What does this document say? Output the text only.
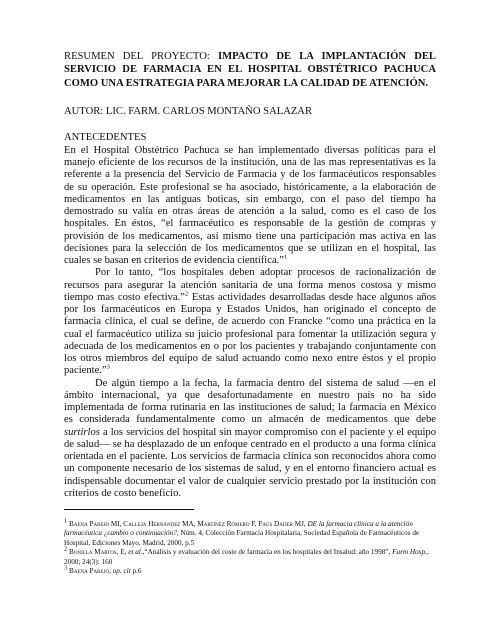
RESUMEN DEL PROYECTO: IMPACTO DE LA IMPLANTACIÓN DEL SERVICIO DE FARMACIA EN EL HOSPITAL OBSTÉTRICO PACHUCA COMO UNA ESTRATEGIA PARA MEJORAR LA CALIDAD DE ATENCIÓN.

AUTOR: LIC. FARM. CARLOS MONTAÑO SALAZAR

ANTECEDENTES

En el Hospital Obstétrico Pachuca se han implementado diversas políticas para el manejo eficiente de los recursos de la institución, una de las mas representativas es la referente a la presencia del Servicio de Farmacia y de los farmacéuticos responsables de su operación. Este profesional se ha asociado, históricamente, a la elaboración de medicamentos en las antiguas boticas, sin embargo, con el paso del tiempo ha demostrado su valía en otras áreas de atención a la salud, como es el caso de los hospitales. En éstos, “el farmacéutico es responsable de la gestión de compras y provisión de los medicamentos, así mismo tiene una participación mas activa en las decisiones para la selección de los medicamentos que se utilizan en el hospital, las cuales se basan en criterios de evidencia científica.”$^1$

Por lo tanto, “los hospitales deben adoptar procesos de racionalización de recursos para asegurar la atención sanitaria de una forma menos costosa y mismo tiempo mas costo efectiva.”$^2$ Estas actividades desarrolladas desde hace algunos años por los farmacéuticos en Europa y Estados Unidos, han originado el concepto de farmacia clínica, el cual se define, de acuerdo con Francke “como una práctica en la cual el farmacéutico utiliza su juicio profesional para fomentar la utilización segura y adecuada de los medicamentos en o por los pacientes y trabajando conjuntamente con los otros miembros del equipo de salud actuando como nexo entre éstos y el propio paciente.”$^3$

De algún tiempo a la fecha, la farmacia dentro del sistema de salud —en el ámbito internacional, ya que desafortunadamente en nuestro país no ha sido implementada de forma rutinaria en las instituciones de salud; la farmacia en México es considerada fundamentalmente como un almacén de medicamentos que debe surtirlos a los servicios del hospital sin mayor compromiso con el paciente y el equipo de salud— se ha desplazado de un enfoque centrado en el producto a una forma clínica orientada en el paciente. Los servicios de farmacia clínica son reconocidos ahora como un componente necesario de los sistemas de salud, y en el entorno financiero actual es indispensable documentar el valor de cualquier servicio prestado por la institución con criterios de costo beneficio.

$^1$ Baena Parejo MI, Calleja Hernández MA, Martínez Romero F, Faus Dader MJ, DE la farmacia clínica a la atención farmacéutica ¿cambio o continuación?, Núm. 4, Colección Farmacia Hospitalaria, Sociedad Española de Farmacéuticos de Hospital, Ediciones Mayo, Madrid, 2000, p.5

$^2$ Bonilla Martos, E, et al.,“Análisis y evaluación del coste de farmacia en los hospitales del Insalud: año 1998”, Farm Hosp., 2000; 24(3): 160

$^3$ Baena Parejo, op. cit p.6
